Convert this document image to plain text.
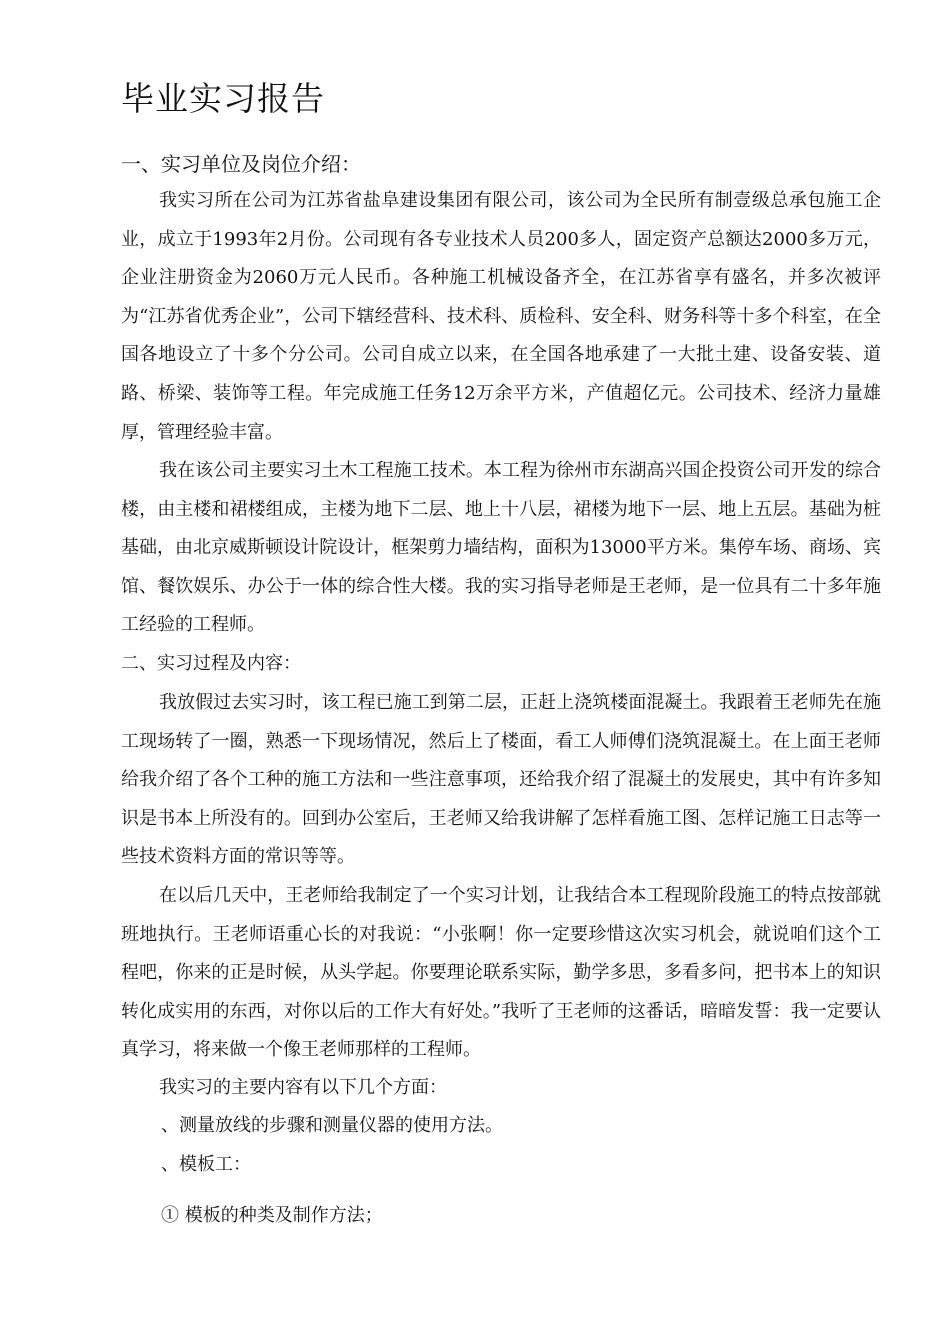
毕业实习报告
一、实习单位及岗位介绍：
我实习所在公司为江苏省盐阜建设集团有限公司，该公司为全民所有制壹级总承包施工企业，成立于1993年2月份。公司现有各专业技术人员200多人，固定资产总额达2000多万元，企业注册资金为2060万元人民币。各种施工机械设备齐全，在江苏省享有盛名，并多次被评为“江苏省优秀企业”，公司下辖经营科、技术科、质检科、安全科、财务科等十多个科室，在全国各地设立了十多个分公司。公司自成立以来，在全国各地承建了一大批土建、设备安装、道路、桥梁、装饰等工程。年完成施工任务12万余平方米，产值超亿元。公司技术、经济力量雄厚，管理经验丰富。
我在该公司主要实习土木工程施工技术。本工程为徐州市东湖高兴国企投资公司开发的综合楼，由主楼和裙楼组成，主楼为地下二层、地上十八层，裙楼为地下一层、地上五层。基础为桩基础，由北京威斯顿设计院设计，框架剪力墙结构，面积为13000平方米。集停车场、商场、宾馆、餐饮娱乐、办公于一体的综合性大楼。我的实习指导老师是王老师，是一位具有二十多年施工经验的工程师。
二、实习过程及内容：
我放假过去实习时，该工程已施工到第二层，正赶上浇筑楼面混凝土。我跟着王老师先在施工现场转了一圈，熟悉一下现场情况，然后上了楼面，看工人师傅们浇筑混凝土。在上面王老师给我介绍了各个工种的施工方法和一些注意事项，还给我介绍了混凝土的发展史，其中有许多知识是书本上所没有的。回到办公室后，王老师又给我讲解了怎样看施工图、怎样记施工日志等一些技术资料方面的常识等等。
在以后几天中，王老师给我制定了一个实习计划，让我结合本工程现阶段施工的特点按部就班地执行。王老师语重心长的对我说：“小张啊！你一定要珍惜这次实习机会，就说咱们这个工程吧，你来的正是时候，从头学起。你要理论联系实际，勤学多思，多看多问，把书本上的知识转化成实用的东西，对你以后的工作大有好处。”我听了王老师的这番话，暗暗发誓：我一定要认真学习，将来做一个像王老师那样的工程师。
我实习的主要内容有以下几个方面：
、测量放线的步骤和测量仪器的使用方法。
、模板工：
① 模板的种类及制作方法；
